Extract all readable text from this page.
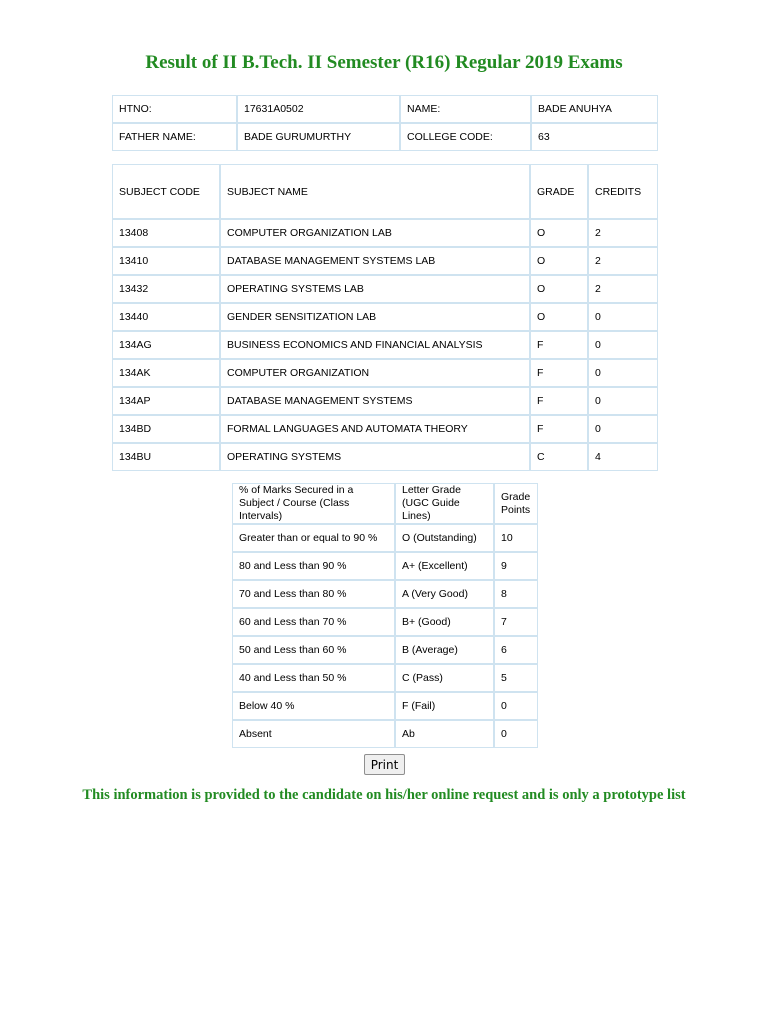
Result of II B.Tech. II Semester (R16) Regular 2019 Exams
HTNO:	17631A0502	NAME:	BADE ANUHYA
FATHER NAME:	BADE GURUMURTHY	COLLEGE CODE:	63
SUBJECT CODE	SUBJECT NAME	GRADE	CREDITS
13408	COMPUTER ORGANIZATION LAB	O	2
13410	DATABASE MANAGEMENT SYSTEMS LAB	O	2
13432	OPERATING SYSTEMS LAB	O	2
13440	GENDER SENSITIZATION LAB	O	0
134AG	BUSINESS ECONOMICS AND FINANCIAL ANALYSIS	F	0
134AK	COMPUTER ORGANIZATION	F	0
134AP	DATABASE MANAGEMENT SYSTEMS	F	0
134BD	FORMAL LANGUAGES AND AUTOMATA THEORY	F	0
134BU	OPERATING SYSTEMS	C	4
% of Marks Secured in a Subject / Course (Class Intervals)	Letter Grade (UGC Guide Lines)	Grade Points
Greater than or equal to 90 %	O (Outstanding)	10
80 and Less than 90 %	A+ (Excellent)	9
70 and Less than 80 %	A (Very Good)	8
60 and Less than 70 %	B+ (Good)	7
50 and Less than 60 %	B (Average)	6
40 and Less than 50 %	C (Pass)	5
Below 40 %	F (Fail)	0
Absent	Ab	0
Print

This information is provided to the candidate on his/her online request and is only a prototype list
